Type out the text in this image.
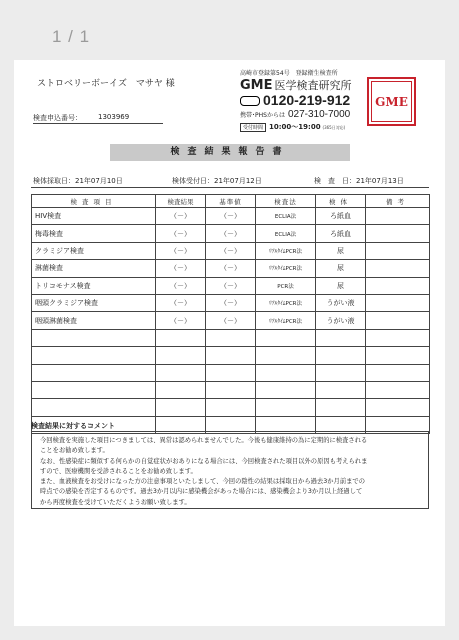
1 / 1
ストロベリーボーイズ　マサヤ 様
検査申込番号： 1303969
高崎市登録第54号　登録衛生検査所
GME 医学検査研究所
0120-219-912
携帯･PHSからは 027-310-7000
受付時間 10:00～19:00 (365日対応)
GME
検査結果報告書
検体採取日：21年07月10日	検体受付日：21年07月12日	検　査　日：21年07月13日
検査項目	検査結果	基準値	検査法	検体	備考
HIV検査	（－）	（－）	ECLIA法	ろ紙血	
梅毒検査	（－）	（－）	ECLIA法	ろ紙血	
クラミジア検査	（－）	（－）	ﾘｱﾙﾀｲﾑPCR法	尿	
淋菌検査	（－）	（－）	ﾘｱﾙﾀｲﾑPCR法	尿	
トリコモナス検査	（－）	（－）	PCR法	尿	
咽頭クラミジア検査	（－）	（－）	ﾘｱﾙﾀｲﾑPCR法	うがい液	
咽頭淋菌検査	（－）	（－）	ﾘｱﾙﾀｲﾑPCR法	うがい液	

検査結果に対するコメント

今回検査を実施した項目につきましては、異常は認められませんでした。今後も健康維持の為に定期的に検査される

ことをお勧め致します。

なお、性感染症に類似する何らかの自覚症状がおありになる場合には、今回検査された項目以外の原因も考えられま

すので、医療機関を受診されることをお勧め致します。

また、血液検査をお受けになった方の注意事項といたしまして、今回の陰性の結果は採取日から過去3か月前までの

時点での感染を否定するものです。過去3か月以内に感染機会があった場合には、感染機会より3か月以上経過して

から再度検査を受けていただくようお願い致します。
